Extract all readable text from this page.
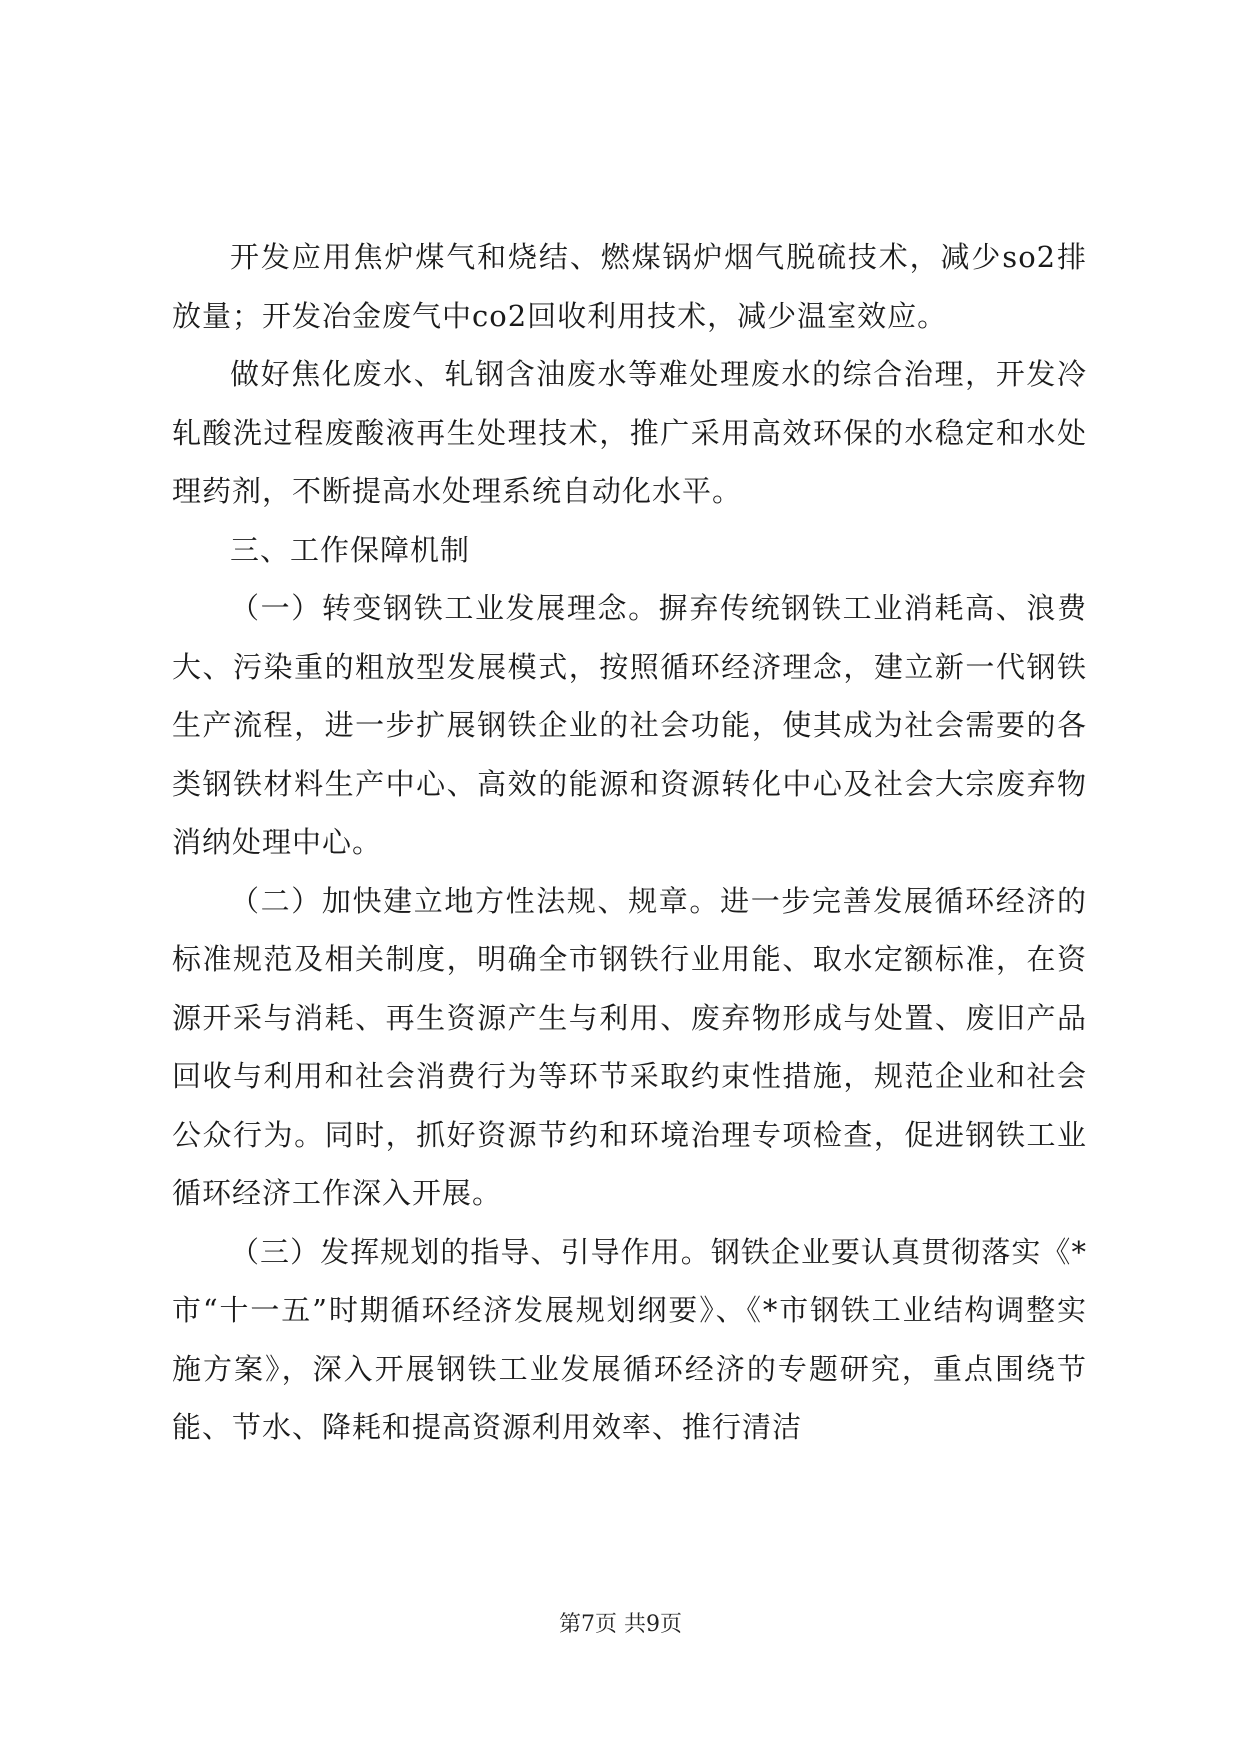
开发应用焦炉煤气和烧结、燃煤锅炉烟气脱硫技术，减少so2排放量；开发冶金废气中co2回收利用技术，减少温室效应。

做好焦化废水、轧钢含油废水等难处理废水的综合治理，开发冷轧酸洗过程废酸液再生处理技术，推广采用高效环保的水稳定和水处理药剂，不断提高水处理系统自动化水平。

三、工作保障机制

（一）转变钢铁工业发展理念。摒弃传统钢铁工业消耗高、浪费大、污染重的粗放型发展模式，按照循环经济理念，建立新一代钢铁生产流程，进一步扩展钢铁企业的社会功能，使其成为社会需要的各类钢铁材料生产中心、高效的能源和资源转化中心及社会大宗废弃物消纳处理中心。

（二）加快建立地方性法规、规章。进一步完善发展循环经济的标准规范及相关制度，明确全市钢铁行业用能、取水定额标准，在资源开采与消耗、再生资源产生与利用、废弃物形成与处置、废旧产品回收与利用和社会消费行为等环节采取约束性措施，规范企业和社会公众行为。同时，抓好资源节约和环境治理专项检查，促进钢铁工业循环经济工作深入开展。

（三）发挥规划的指导、引导作用。钢铁企业要认真贯彻落实《*市“十一五”时期循环经济发展规划纲要》、《*市钢铁工业结构调整实施方案》，深入开展钢铁工业发展循环经济的专题研究，重点围绕节能、节水、降耗和提高资源利用效率、推行清洁

第7页 共9页
